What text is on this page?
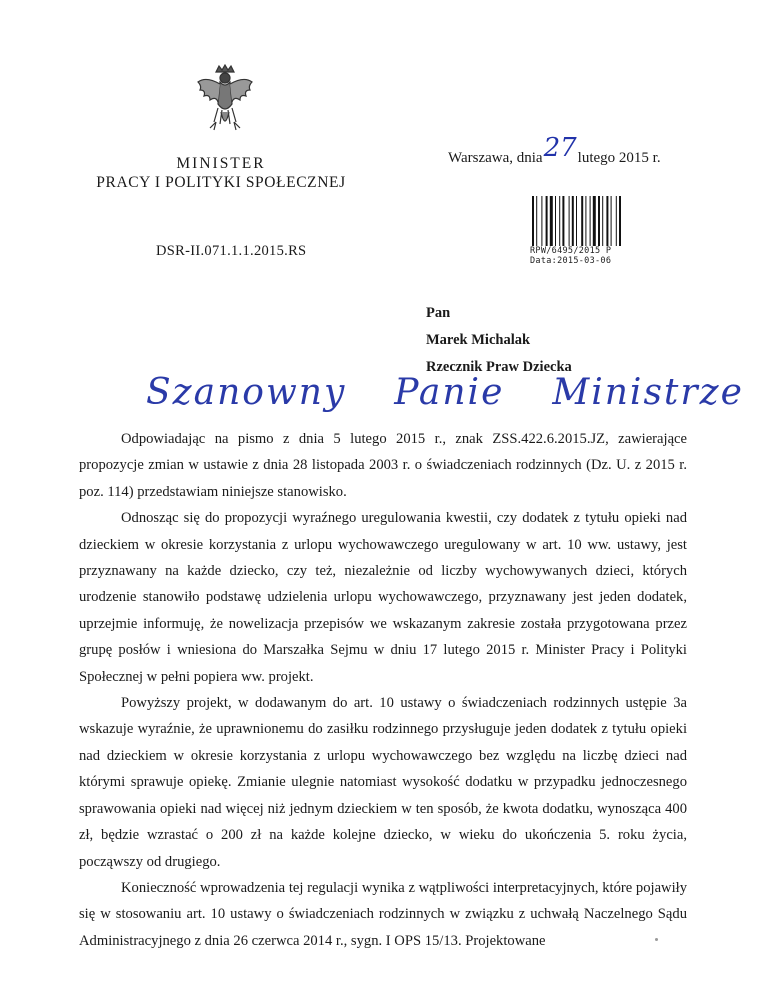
Warszawa, dnia27lutego 2015 r.
MINISTER
PRACY I POLITYKI SPOŁECZNEJ
DSR-II.071.1.1.2015.RS	RPW/6495/2015 P
Data:2015-03-06
Pan
Marek Michalak
Rzecznik Praw Dziecka
Szanowny Panie Ministrze

Odpowiadając na pismo z dnia 5 lutego 2015 r., znak ZSS.422.6.2015.JZ, zawierające propozycje zmian w ustawie z dnia 28 listopada 2003 r. o świadczeniach rodzinnych (Dz. U. z 2015 r. poz. 114) przedstawiam niniejsze stanowisko.

Odnosząc się do propozycji wyraźnego uregulowania kwestii, czy dodatek z tytułu opieki nad dzieckiem w okresie korzystania z urlopu wychowawczego uregulowany w art. 10 ww. ustawy, jest przyznawany na każde dziecko, czy też, niezależnie od liczby wychowywanych dzieci, których urodzenie stanowiło podstawę udzielenia urlopu wychowawczego, przyznawany jest jeden dodatek, uprzejmie informuję, że nowelizacja przepisów we wskazanym zakresie została przygotowana przez grupę posłów i wniesiona do Marszałka Sejmu w dniu 17 lutego 2015 r. Minister Pracy i Polityki Społecznej w pełni popiera ww. projekt.

Powyższy projekt, w dodawanym do art. 10 ustawy o świadczeniach rodzinnych ustępie 3a wskazuje wyraźnie, że uprawnionemu do zasiłku rodzinnego przysługuje jeden dodatek z tytułu opieki nad dzieckiem w okresie korzystania z urlopu wychowawczego bez względu na liczbę dzieci nad którymi sprawuje opiekę. Zmianie ulegnie natomiast wysokość dodatku w przypadku jednoczesnego sprawowania opieki nad więcej niż jednym dzieckiem w ten sposób, że kwota dodatku, wynosząca 400 zł, będzie wzrastać o 200 zł na każde kolejne dziecko, w wieku do ukończenia 5. roku życia, począwszy od drugiego.

Konieczność wprowadzenia tej regulacji wynika z wątpliwości interpretacyjnych, które pojawiły się w stosowaniu art. 10 ustawy o świadczeniach rodzinnych w związku z uchwałą Naczelnego Sądu Administracyjnego z dnia 26 czerwca 2014 r., sygn. I OPS 15/13. Projektowane
